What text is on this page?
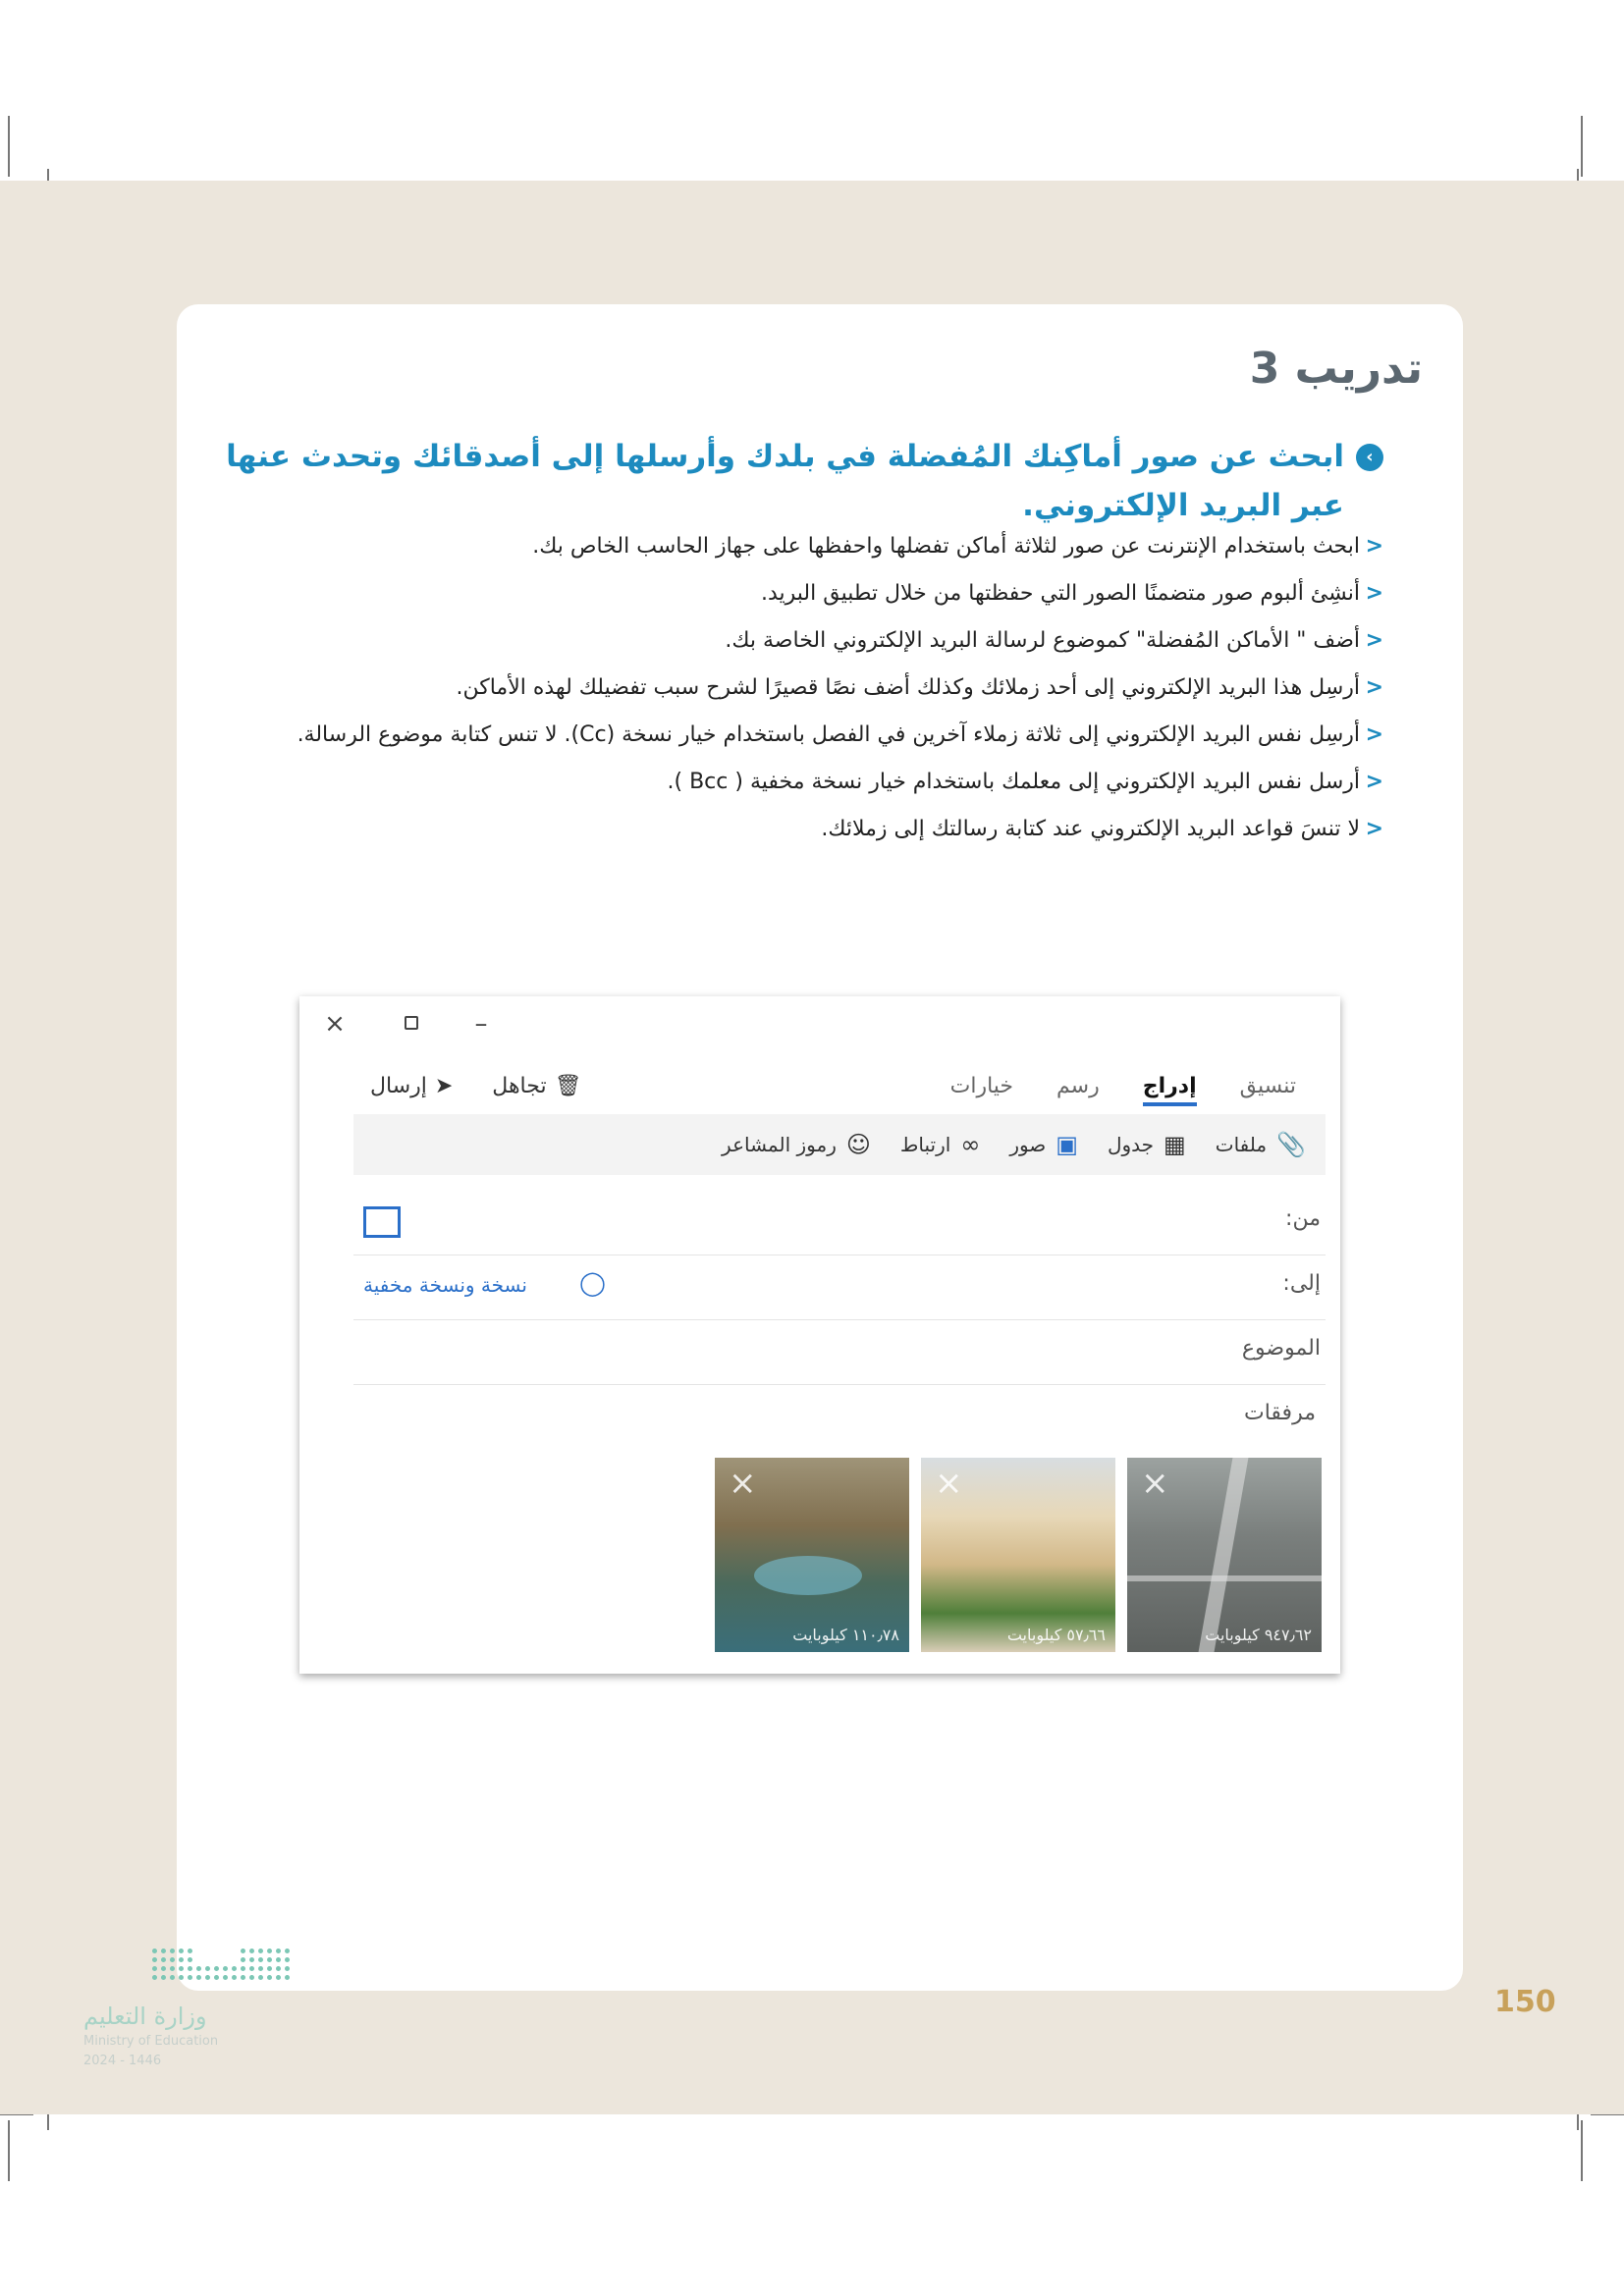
تدريب 3
‹
ابحث عن صور أماكِنك المُفضلة في بلدك وأرسلها إلى أصدقائك وتحدث عنها عبر البريد الإلكتروني.
<
ابحث باستخدام الإنترنت عن صور لثلاثة أماكن تفضلها واحفظها على جهاز الحاسب الخاص بك.
<
أنشِئ ألبوم صور متضمنًا الصور التي حفظتها من خلال تطبيق البريد.
<
أضف " الأماكن المُفضلة" كموضوع لرسالة البريد الإلكتروني الخاصة بك.
<
أرسِل هذا البريد الإلكتروني إلى أحد زملائك وكذلك أضف نصًا قصيرًا لشرح سبب تفضيلك لهذه الأماكن.
<
أرسِل نفس البريد الإلكتروني إلى ثلاثة زملاء آخرين في الفصل باستخدام خيار نسخة (Cc). لا تنس كتابة موضوع الرسالة.
<
أرسل نفس البريد الإلكتروني إلى معلمك باستخدام خيار نسخة مخفية ( Bcc ).
<
لا تنسَ قواعد البريد الإلكتروني عند كتابة رسالتك إلى زملائك.
×	–
تنسيق
إدراج
رسم
خيارات
🗑
تجاهل
➤
إرسال
📎
ملفات
▦
جدول
▣
صور
∞
ارتباط
☺
رموز المشاعر
من:
إلى:
◯
نسخة ونسخة مخفية
الموضوع
مرفقات
×
٩٤٧٫٦٢ كيلوبايت
×
٥٧٫٦٦ كيلوبايت
×
١١٠٫٧٨ كيلوبايت
وزارة التعليم
Ministry of Education
2024 - 1446
150
